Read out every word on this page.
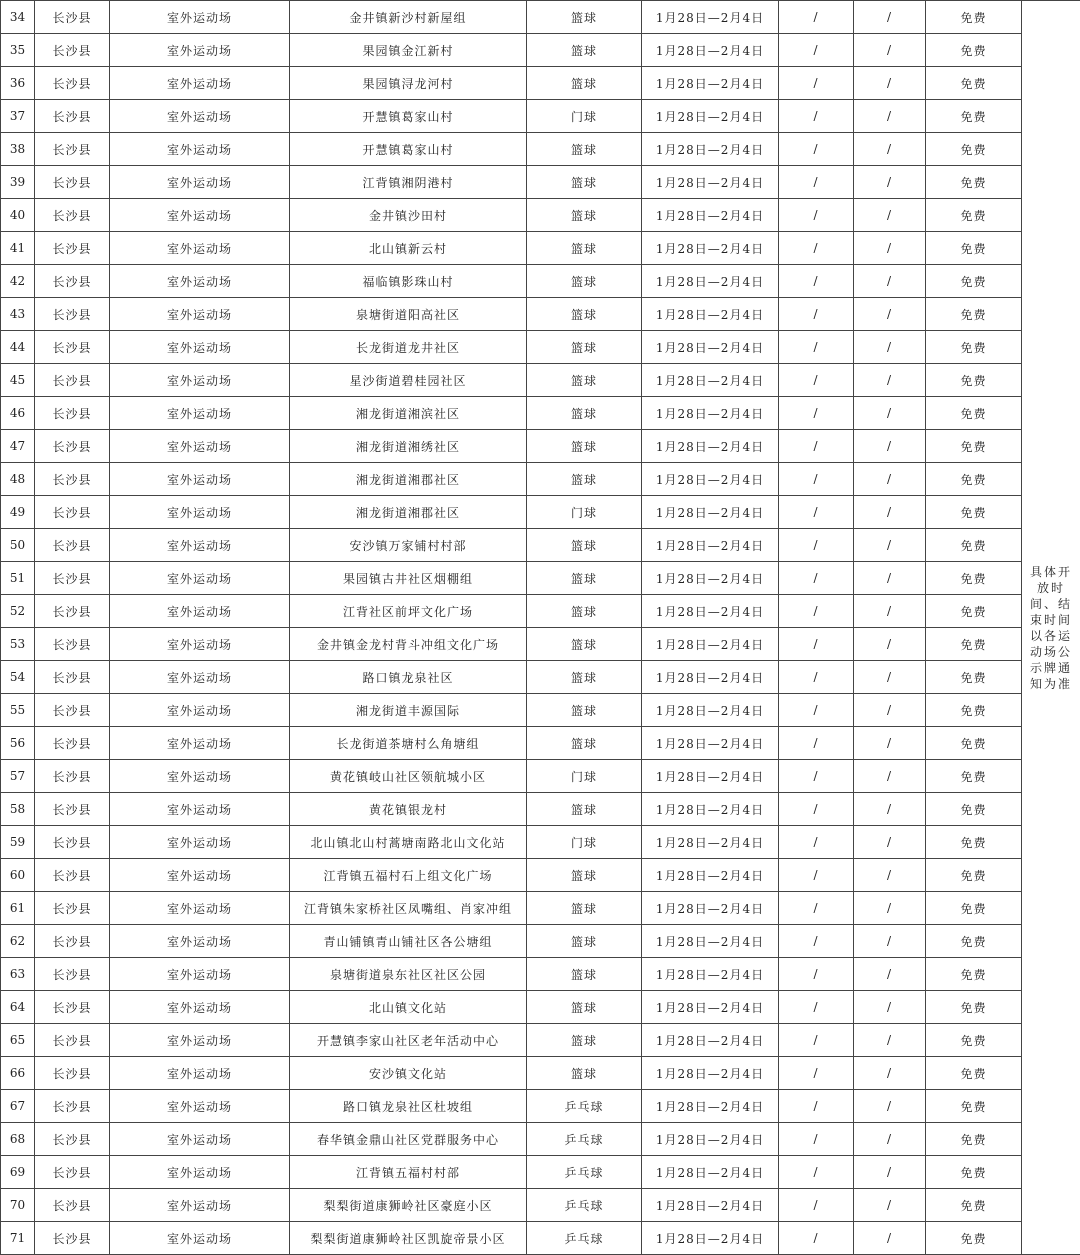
34	长沙县	室外运动场	金井镇新沙村新屋组	篮球	1月28日—2月4日	/	/	免费	具体开放时间、结束时间以各运动场公示牌通知为准
35	长沙县	室外运动场	果园镇金江新村	篮球	1月28日—2月4日	/	/	免费	
36	长沙县	室外运动场	果园镇浔龙河村	篮球	1月28日—2月4日	/	/	免费	
37	长沙县	室外运动场	开慧镇葛家山村	门球	1月28日—2月4日	/	/	免费	
38	长沙县	室外运动场	开慧镇葛家山村	篮球	1月28日—2月4日	/	/	免费	
39	长沙县	室外运动场	江背镇湘阴港村	篮球	1月28日—2月4日	/	/	免费	
40	长沙县	室外运动场	金井镇沙田村	篮球	1月28日—2月4日	/	/	免费	
41	长沙县	室外运动场	北山镇新云村	篮球	1月28日—2月4日	/	/	免费	
42	长沙县	室外运动场	福临镇影珠山村	篮球	1月28日—2月4日	/	/	免费	
43	长沙县	室外运动场	泉塘街道阳高社区	篮球	1月28日—2月4日	/	/	免费	
44	长沙县	室外运动场	长龙街道龙井社区	篮球	1月28日—2月4日	/	/	免费	
45	长沙县	室外运动场	星沙街道碧桂园社区	篮球	1月28日—2月4日	/	/	免费	
46	长沙县	室外运动场	湘龙街道湘滨社区	篮球	1月28日—2月4日	/	/	免费	
47	长沙县	室外运动场	湘龙街道湘绣社区	篮球	1月28日—2月4日	/	/	免费	
48	长沙县	室外运动场	湘龙街道湘郡社区	篮球	1月28日—2月4日	/	/	免费	
49	长沙县	室外运动场	湘龙街道湘郡社区	门球	1月28日—2月4日	/	/	免费	
50	长沙县	室外运动场	安沙镇万家铺村村部	篮球	1月28日—2月4日	/	/	免费	
51	长沙县	室外运动场	果园镇古井社区烟棚组	篮球	1月28日—2月4日	/	/	免费	
52	长沙县	室外运动场	江背社区前坪文化广场	篮球	1月28日—2月4日	/	/	免费	
53	长沙县	室外运动场	金井镇金龙村背斗冲组文化广场	篮球	1月28日—2月4日	/	/	免费	
54	长沙县	室外运动场	路口镇龙泉社区	篮球	1月28日—2月4日	/	/	免费	
55	长沙县	室外运动场	湘龙街道丰源国际	篮球	1月28日—2月4日	/	/	免费	
56	长沙县	室外运动场	长龙街道茶塘村么角塘组	篮球	1月28日—2月4日	/	/	免费	
57	长沙县	室外运动场	黄花镇岐山社区领航城小区	门球	1月28日—2月4日	/	/	免费	
58	长沙县	室外运动场	黄花镇银龙村	篮球	1月28日—2月4日	/	/	免费	
59	长沙县	室外运动场	北山镇北山村蒿塘南路北山文化站	门球	1月28日—2月4日	/	/	免费	
60	长沙县	室外运动场	江背镇五福村石上组文化广场	篮球	1月28日—2月4日	/	/	免费	
61	长沙县	室外运动场	江背镇朱家桥社区凤嘴组、肖家冲组	篮球	1月28日—2月4日	/	/	免费	
62	长沙县	室外运动场	青山铺镇青山铺社区各公塘组	篮球	1月28日—2月4日	/	/	免费	
63	长沙县	室外运动场	泉塘街道泉东社区社区公园	篮球	1月28日—2月4日	/	/	免费	
64	长沙县	室外运动场	北山镇文化站	篮球	1月28日—2月4日	/	/	免费	
65	长沙县	室外运动场	开慧镇李家山社区老年活动中心	篮球	1月28日—2月4日	/	/	免费	
66	长沙县	室外运动场	安沙镇文化站	篮球	1月28日—2月4日	/	/	免费	
67	长沙县	室外运动场	路口镇龙泉社区杜坡组	乒乓球	1月28日—2月4日	/	/	免费	
68	长沙县	室外运动场	春华镇金鼎山社区党群服务中心	乒乓球	1月28日—2月4日	/	/	免费	
69	长沙县	室外运动场	江背镇五福村村部	乒乓球	1月28日—2月4日	/	/	免费	
70	长沙县	室外运动场	梨梨街道康狮岭社区豪庭小区	乒乓球	1月28日—2月4日	/	/	免费	
71	长沙县	室外运动场	梨梨街道康狮岭社区凯旋帝景小区	乒乓球	1月28日—2月4日	/	/	免费	
